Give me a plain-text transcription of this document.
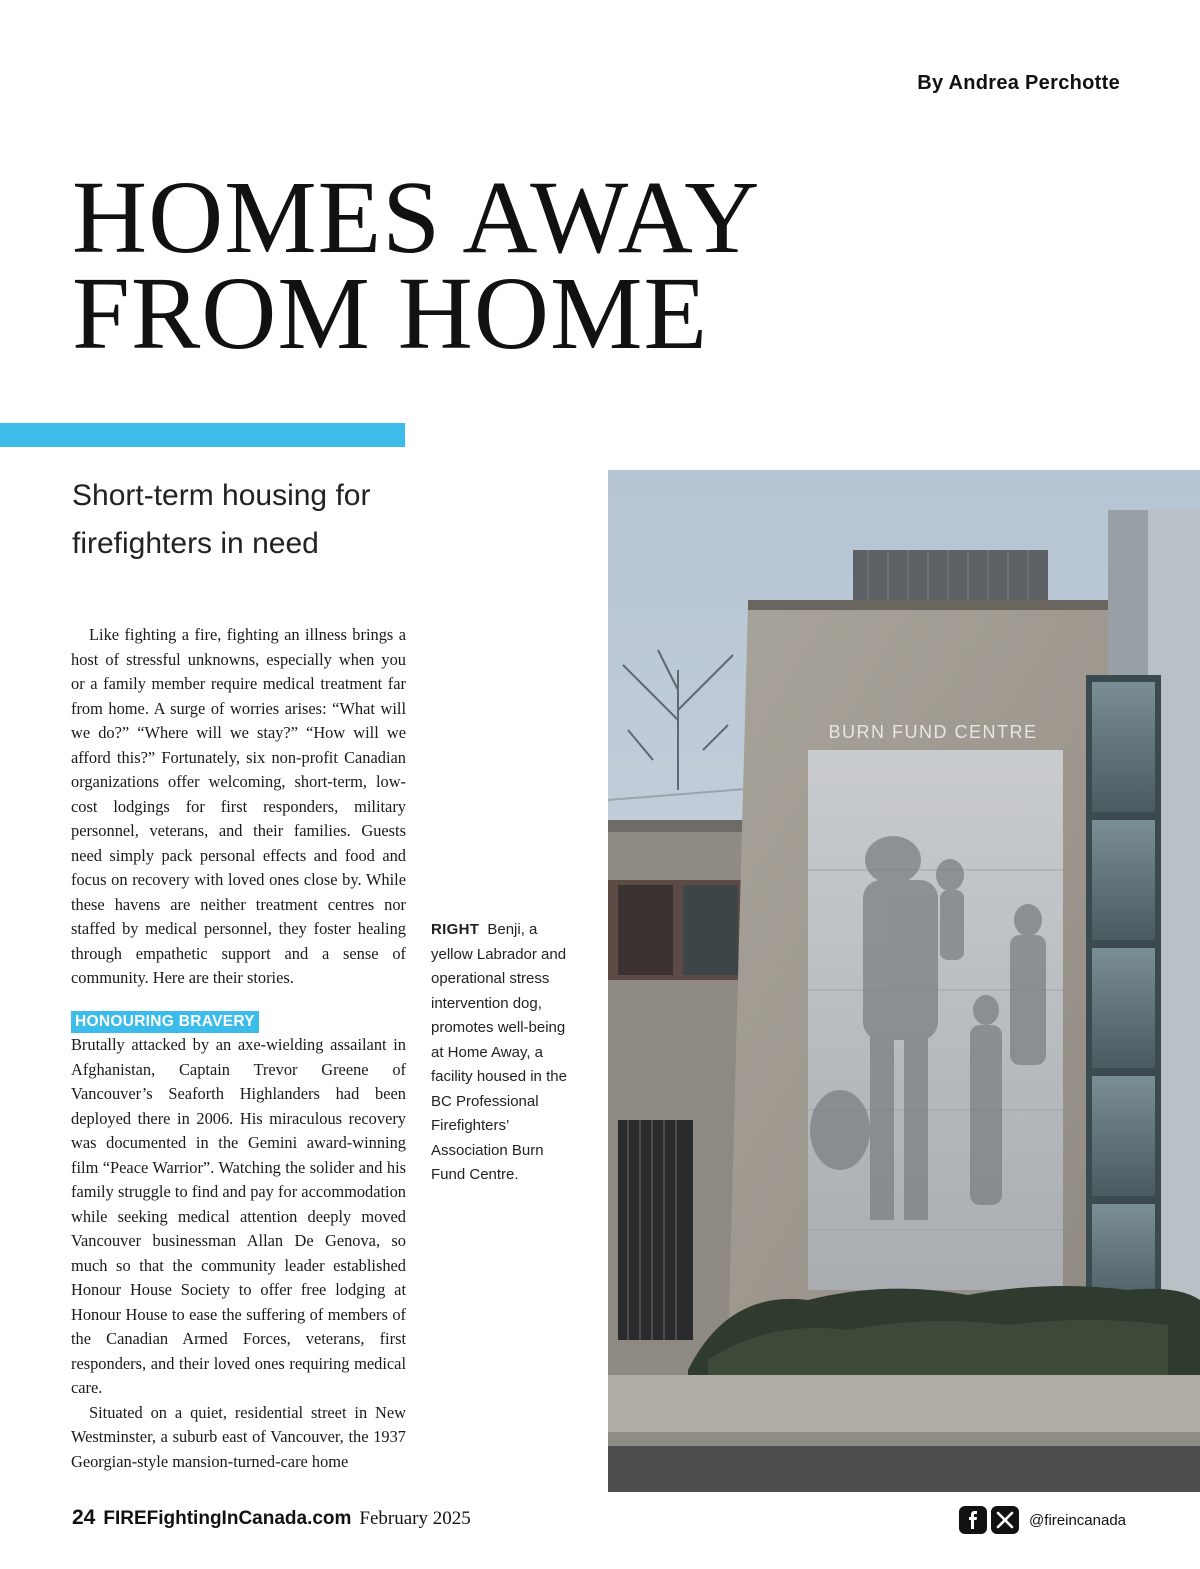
By Andrea Perchotte
HOMES AWAY
FROM HOME
Short-term housing for
firefighters in need

Like fighting a fire, fighting an illness brings a host of stressful unknowns, especially when you or a family member require medical treatment far from home. A surge of worries arises: “What will we do?” “Where will we stay?” “How will we afford this?” Fortunately, six non-profit Canadian organizations offer welcoming, short-term, low-cost lodgings for first responders, military personnel, veterans, and their families. Guests need simply pack personal effects and food and focus on recovery with loved ones close by. While these havens are neither treatment centres nor staffed by medical personnel, they foster healing through empathetic support and a sense of community. Here are their stories.

HONOURING BRAVERY

Brutally attacked by an axe-wielding assailant in Afghanistan, Captain Trevor Greene of Vancouver’s Seaforth Highlanders had been deployed there in 2006. His miraculous recovery was documented in the Gemini award-winning film “Peace Warrior”. Watching the solider and his family struggle to find and pay for accommodation while seeking medical attention deeply moved Vancouver businessman Allan De Genova, so much so that the community leader established Honour House Society to offer free lodging at Honour House to ease the suffering of members of the Canadian Armed Forces, veterans, first responders, and their loved ones requiring medical care.

Situated on a quiet, residential street in New Westminster, a suburb east of Vancouver, the 1937 Georgian-style mansion-turned-care home

RIGHT Benji, a yellow Labrador and operational stress intervention dog, promotes well-being at Home Away, a facility housed in the BC Professional Firefighters’ Association Burn Fund Centre.
BURN FUND CENTRE
24 FIREFightingInCanada.com February 2025	@fireincanada
